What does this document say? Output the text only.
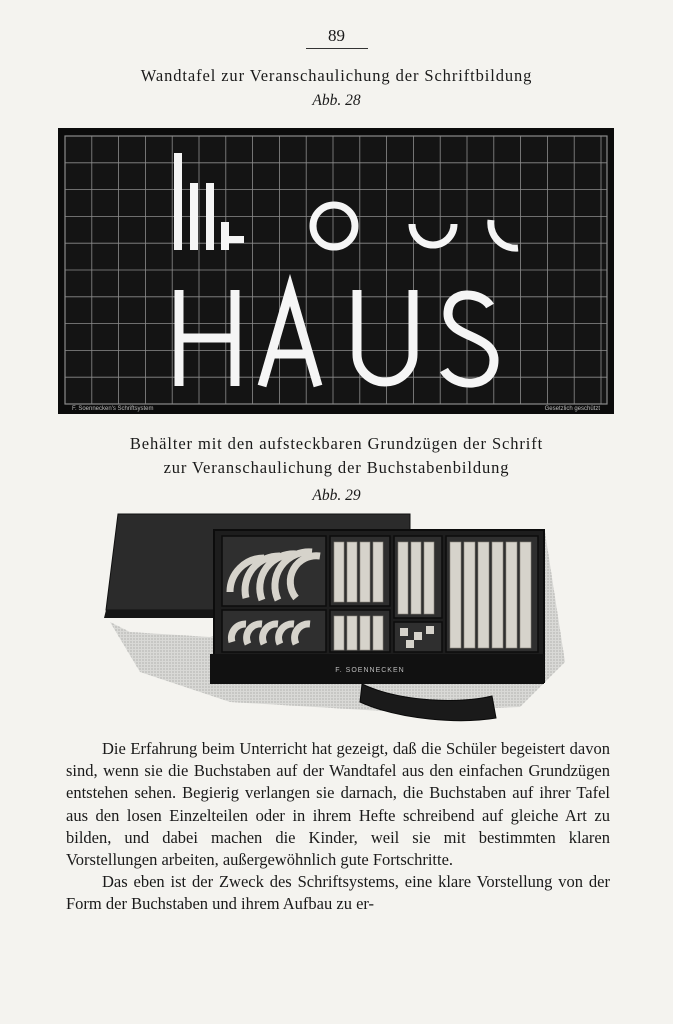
89
Wandtafel zur Veranschaulichung der Schriftbildung
Abb. 28
F. Soennecken's Schriftsystem	Gesetzlich geschützt
Behälter mit den aufsteckbaren Grundzügen der Schrift
zur Veranschaulichung der Buchstabenbildung
Abb. 29
F. SOENNECKEN

Die Erfahrung beim Unterricht hat gezeigt, daß die Schüler begeistert davon sind, wenn sie die Buchstaben auf der Wandtafel aus den einfachen Grundzügen entstehen sehen. Begierig verlangen sie darnach, die Buchstaben auf ihrer Tafel aus den losen Einzelteilen oder in ihrem Hefte schreibend auf gleiche Art zu bilden, und dabei machen die Kinder, weil sie mit bestimmten klaren Vorstellungen arbeiten, außergewöhnlich gute Fortschritte.

Das eben ist der Zweck des Schriftsystems, eine klare Vorstellung von der Form der Buchstaben und ihrem Aufbau zu er-
